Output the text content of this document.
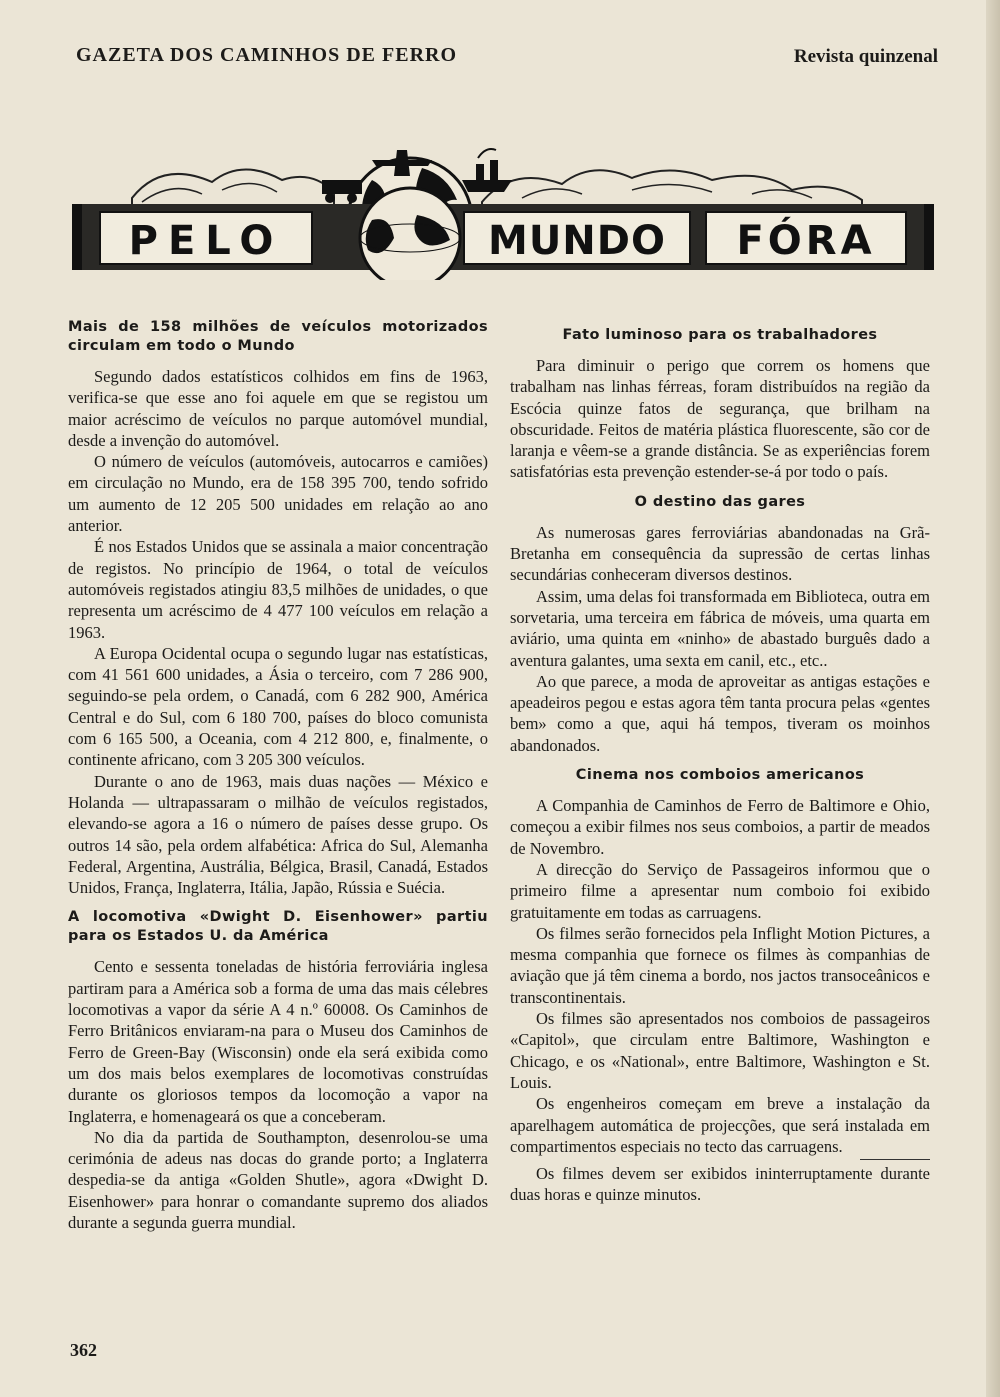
GAZETA DOS CAMINHOS DE FERRO	Revista quinzenal
PELO	MUNDO FÓRA
Mais de 158 milhões de veículos motorizados circulam em todo o Mundo

Segundo dados estatísticos colhidos em fins de 1963, verifica-se que esse ano foi aquele em que se registou um maior acréscimo de veículos no parque automóvel mundial, desde a invenção do automóvel.

O número de veículos (automóveis, autocarros e camiões) em circulação no Mundo, era de 158 395 700, tendo sofrido um aumento de 12 205 500 unidades em relação ao ano anterior.

É nos Estados Unidos que se assinala a maior concentração de registos. No princípio de 1964, o total de veículos automóveis registados atingiu 83,5 milhões de unidades, o que representa um acréscimo de 4 477 100 veículos em relação a 1963.

A Europa Ocidental ocupa o segundo lugar nas estatísticas, com 41 561 600 unidades, a Ásia o terceiro, com 7 286 900, seguindo-se pela ordem, o Canadá, com 6 282 900, América Central e do Sul, com 6 180 700, países do bloco comunista com 6 165 500, a Oceania, com 4 212 800, e, finalmente, o continente africano, com 3 205 300 veículos.

Durante o ano de 1963, mais duas nações — México e Holanda — ultrapassaram o milhão de veículos registados, elevando-se agora a 16 o número de países desse grupo. Os outros 14 são, pela ordem alfabética: Africa do Sul, Alemanha Federal, Argentina, Austrália, Bélgica, Brasil, Canadá, Estados Unidos, França, Inglaterra, Itália, Japão, Rússia e Suécia.

A locomotiva «Dwight D. Eisenhower» partiu para os Estados U. da América

Cento e sessenta toneladas de história ferroviária inglesa partiram para a América sob a forma de uma das mais célebres locomotivas a vapor da série A 4 n.º 60008. Os Caminhos de Ferro Britânicos enviaram-na para o Museu dos Caminhos de Ferro de Green-Bay (Wisconsin) onde ela será exibida como um dos mais belos exemplares de locomotivas construídas durante os gloriosos tempos da locomoção a vapor na Inglaterra, e homenageará os que a conceberam.

No dia da partida de Southampton, desenrolou-se uma cerimónia de adeus nas docas do grande porto; a Inglaterra despedia-se da antiga «Golden Shutle», agora «Dwight D. Eisenhower» para honrar o comandante supremo dos aliados durante a segunda guerra mundial.

Fato luminoso para os trabalhadores

Para diminuir o perigo que correm os homens que trabalham nas linhas férreas, foram distribuídos na região da Escócia quinze fatos de segurança, que brilham na obscuridade. Feitos de matéria plástica fluorescente, são cor de laranja e vêem-se a grande distância. Se as experiências forem satisfatórias esta prevenção estender-se-á por todo o país.

O destino das gares

As numerosas gares ferroviárias abandonadas na Grã-Bretanha em consequência da supressão de certas linhas secundárias conheceram diversos destinos.

Assim, uma delas foi transformada em Biblioteca, outra em sorvetaria, uma terceira em fábrica de móveis, uma quarta em aviário, uma quinta em «ninho» de abastado burguês dado a aventura galantes, uma sexta em canil, etc., etc..

Ao que parece, a moda de aproveitar as antigas estações e apeadeiros pegou e estas agora têm tanta procura pelas «gentes bem» como a que, aqui há tempos, tiveram os moinhos abandonados.

Cinema nos comboios americanos

A Companhia de Caminhos de Ferro de Baltimore e Ohio, começou a exibir filmes nos seus comboios, a partir de meados de Novembro.

A direcção do Serviço de Passageiros informou que o primeiro filme a apresentar num comboio foi exibido gratuitamente em todas as carruagens.

Os filmes serão fornecidos pela Inflight Motion Pictures, a mesma companhia que fornece os filmes às companhias de aviação que já têm cinema a bordo, nos jactos transoceânicos e transcontinentais.

Os filmes são apresentados nos comboios de passageiros «Capitol», que circulam entre Baltimore, Washington e Chicago, e os «National», entre Baltimore, Washington e St. Louis.

Os engenheiros começam em breve a instalação da aparelhagem automática de projecções, que será instalada em compartimentos especiais no tecto das carruagens.

Os filmes devem ser exibidos ininterruptamente durante duas horas e quinze minutos.

362
